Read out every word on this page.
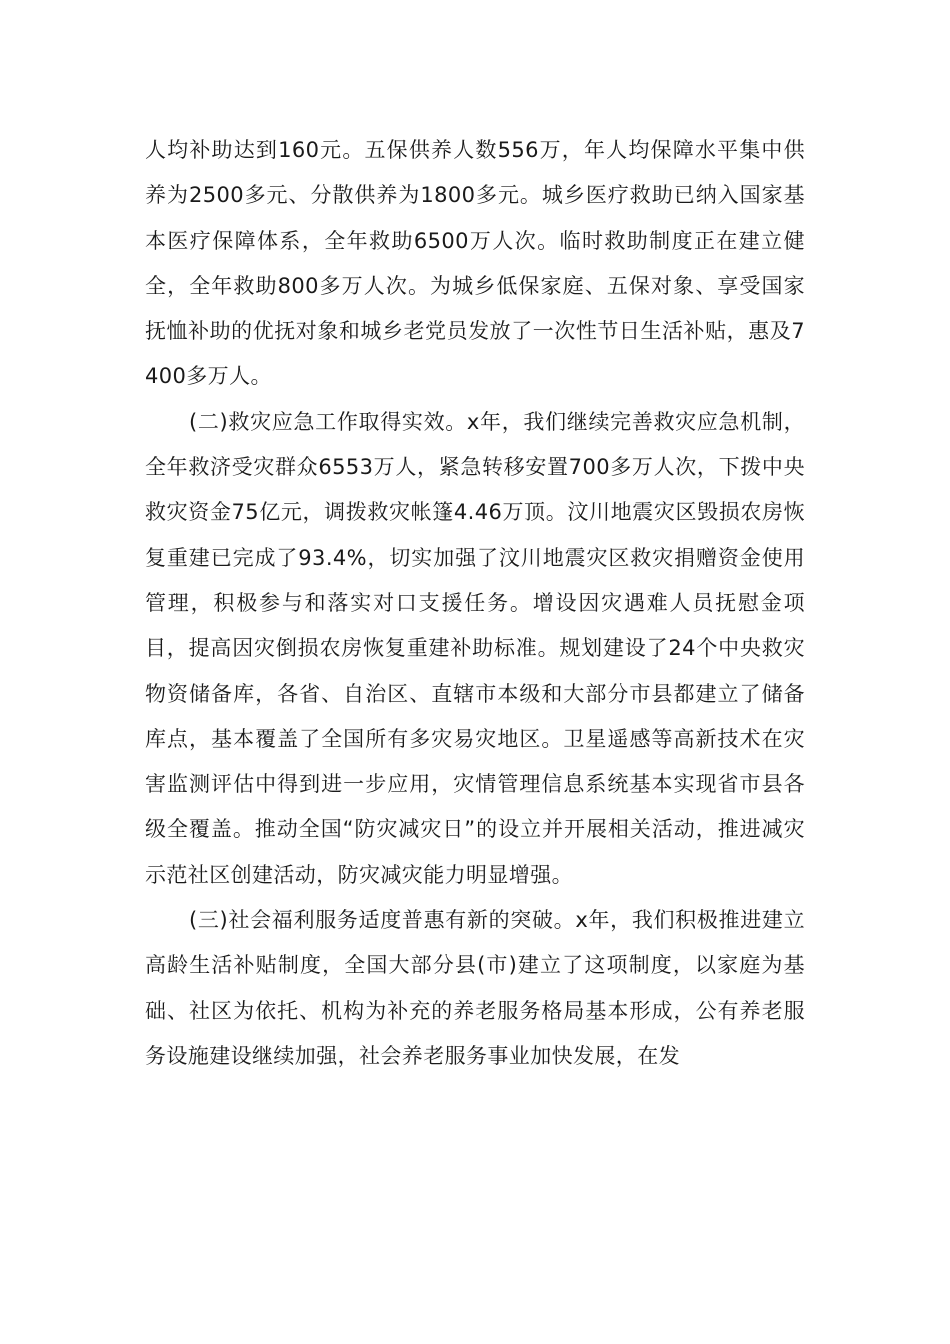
人均补助达到160元。五保供养人数556万，年人均保障水平集中供养为2500多元、分散供养为1800多元。城乡医疗救助已纳入国家基本医疗保障体系，全年救助6500万人次。临时救助制度正在建立健全，全年救助800多万人次。为城乡低保家庭、五保对象、享受国家抚恤补助的优抚对象和城乡老党员发放了一次性节日生活补贴，惠及7400多万人。

(二)救灾应急工作取得实效。x年，我们继续完善救灾应急机制，全年救济受灾群众6553万人，紧急转移安置700多万人次，下拨中央救灾资金75亿元，调拨救灾帐篷4.46万顶。汶川地震灾区毁损农房恢复重建已完成了93.4%，切实加强了汶川地震灾区救灾捐赠资金使用管理，积极参与和落实对口支援任务。增设因灾遇难人员抚慰金项目，提高因灾倒损农房恢复重建补助标准。规划建设了24个中央救灾物资储备库，各省、自治区、直辖市本级和大部分市县都建立了储备库点，基本覆盖了全国所有多灾易灾地区。卫星遥感等高新技术在灾害监测评估中得到进一步应用，灾情管理信息系统基本实现省市县各级全覆盖。推动全国“防灾减灾日”的设立并开展相关活动，推进减灾示范社区创建活动，防灾减灾能力明显增强。

(三)社会福利服务适度普惠有新的突破。x年，我们积极推进建立高龄生活补贴制度，全国大部分县(市)建立了这项制度，以家庭为基础、社区为依托、机构为补充的养老服务格局基本形成，公有养老服务设施建设继续加强，社会养老服务事业加快发展，在发
